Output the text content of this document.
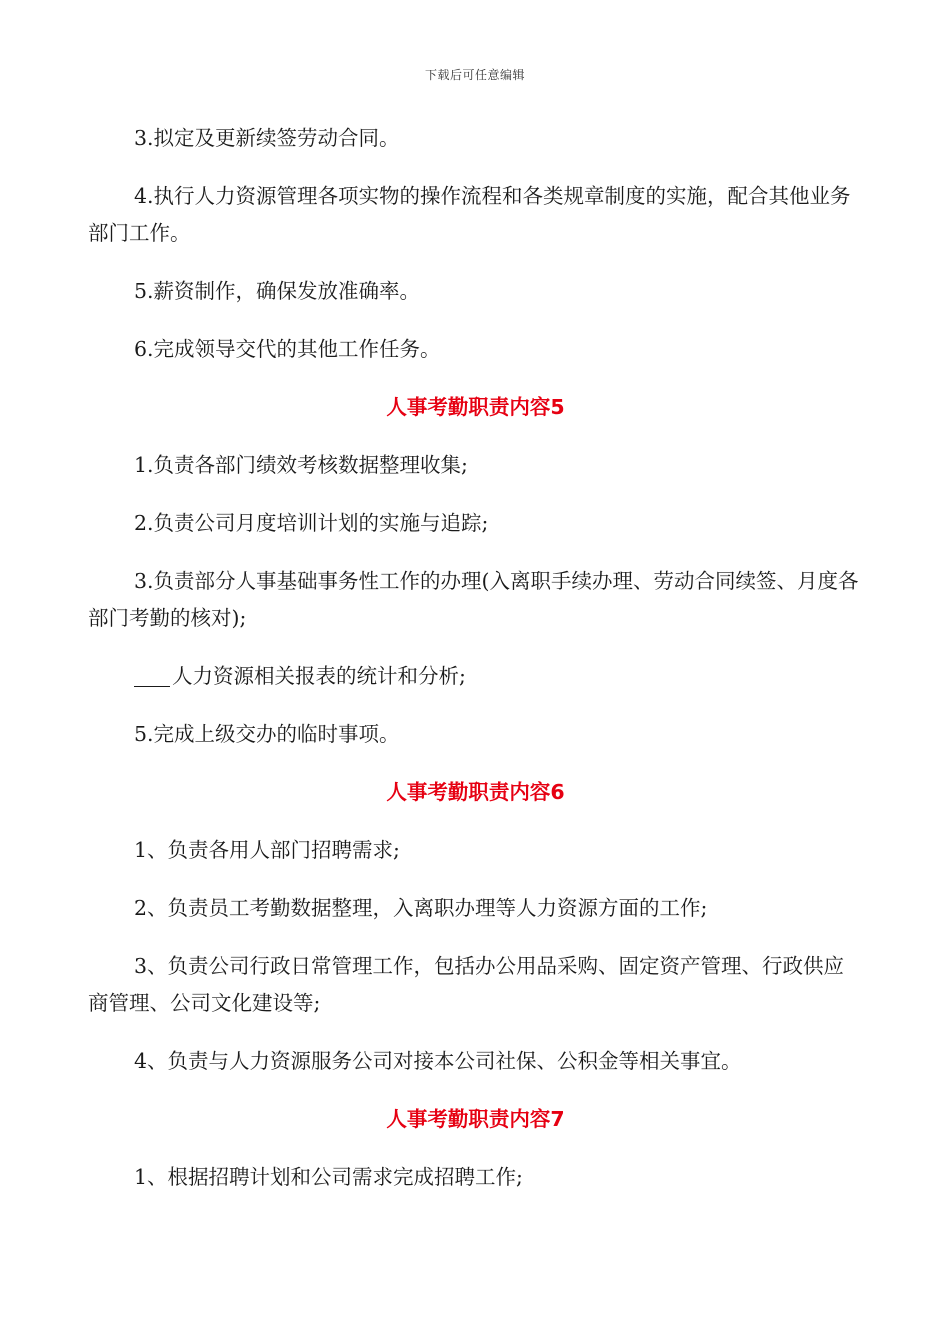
下载后可任意编辑

3.拟定及更新续签劳动合同。

4.执行人力资源管理各项实物的操作流程和各类规章制度的实施，配合其他业务部门工作。

5.薪资制作，确保发放准确率。

6.完成领导交代的其他工作任务。

人事考勤职责内容5

1.负责各部门绩效考核数据整理收集;

2.负责公司月度培训计划的实施与追踪;

3.负责部分人事基础事务性工作的办理(入离职手续办理、劳动合同续签、月度各部门考勤的核对);

人力资源相关报表的统计和分析;

5.完成上级交办的临时事项。

人事考勤职责内容6

1、负责各用人部门招聘需求;

2、负责员工考勤数据整理，入离职办理等人力资源方面的工作;

3、负责公司行政日常管理工作，包括办公用品采购、固定资产管理、行政供应商管理、公司文化建设等;

4、负责与人力资源服务公司对接本公司社保、公积金等相关事宜。

人事考勤职责内容7

1、根据招聘计划和公司需求完成招聘工作;
